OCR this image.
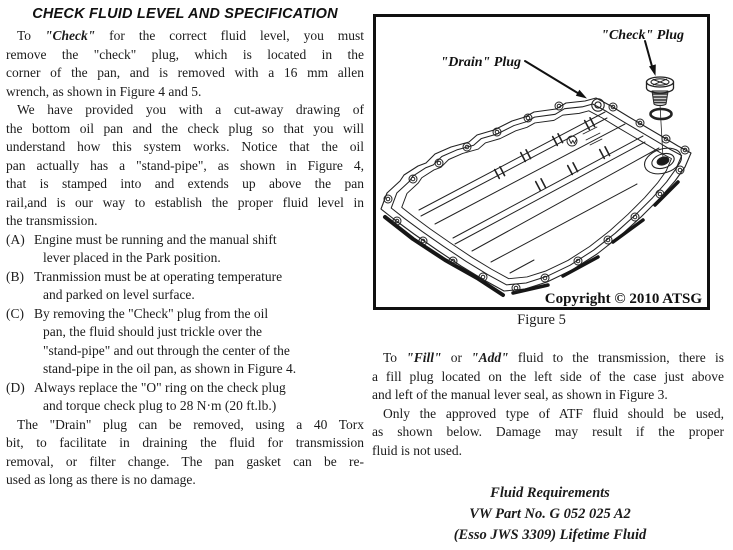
CHECK FLUID LEVEL AND SPECIFICATION
To "Check" for the correct fluid level, you must
remove the "check" plug, which is located in the
corner of the pan, and is removed with a 16 mm allen
wrench, as shown in Figure 4 and 5.
We have provided you with a cut-away drawing of
the bottom oil pan and the check plug so that you will
understand how this system works. Notice that the oil
pan actually has a "stand-pipe", as shown in Figure 4,
that is stamped into and extends up above the pan
rail,and is our way to establish the proper fluid level in
the transmission.
(A) Engine must be running and the manual shift
lever placed in the Park position.
(B) Tranmission must be at operating temperature
and parked on level surface.
(C) By removing the "Check" plug from the oil
pan, the fluid should just trickle over the
"stand-pipe" and out through the center of the
stand-pipe in the oil pan, as shown in Figure 4.
(D) Always replace the "O" ring on the check plug
and torque check plug to 28 N·m (20 ft.lb.)
The "Drain" plug can be removed, using a 40 Torx
bit, to facilitate in draining the fluid for transmission
removal, or filter change. The pan gasket can be re-
used as long as there is no damage.
"Check" Plug
"Drain" Plug
Copyright © 2010 ATSG
Figure 5
To "Fill" or "Add" fluid to the transmission, there is
a fill plug located on the left side of the case just above
and left of the manual lever seal, as shown in Figure 3.
Only the approved type of ATF fluid should be used,
as shown below. Damage may result if the proper
fluid is not used.
Fluid Requirements
VW Part No. G 052 025 A2
(Esso JWS 3309) Lifetime Fluid
